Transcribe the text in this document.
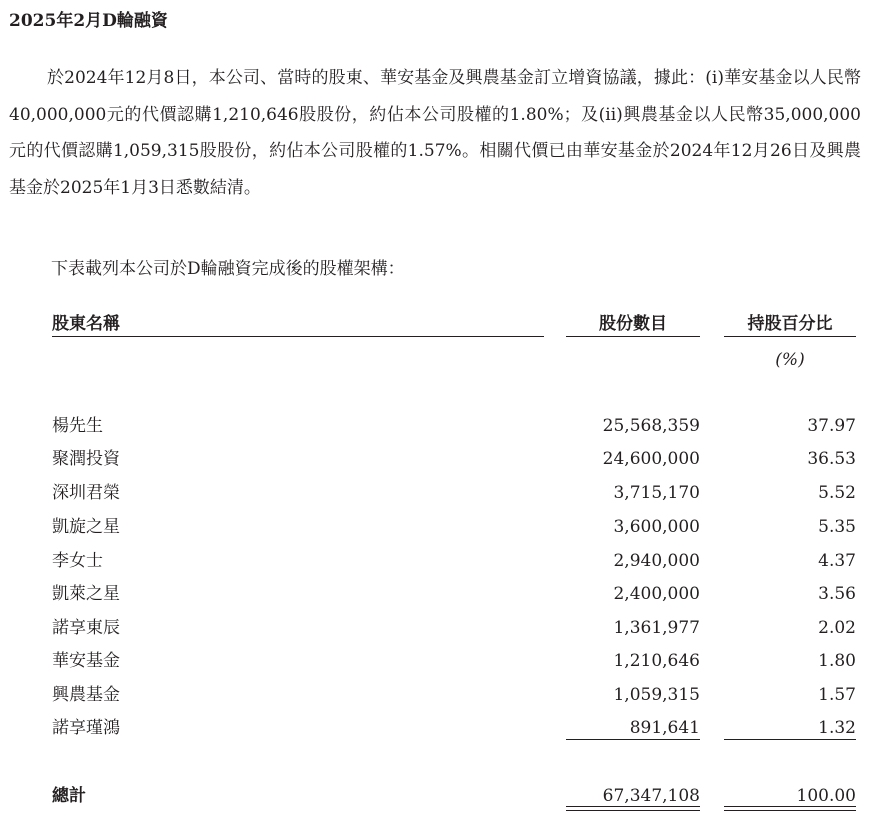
2025年2月D輪融資

於2024年12月8日，本公司、當時的股東、華安基金及興農基金訂立增資協議，據此：(i)華安基金以人民幣40,000,000元的代價認購1,210,646股股份，約佔本公司股權的1.80%；及(ii)興農基金以人民幣35,000,000元的代價認購1,059,315股股份，約佔本公司股權的1.57%。相關代價已由華安基金於2024年12月26日及興農基金於2025年1月3日悉數結清。

下表載列本公司於D輪融資完成後的股權架構：

股東名稱	股份數目	持股百分比
(%)
楊先生	25,568,359	37.97
聚潤投資	24,600,000	36.53
深圳君榮	3,715,170	5.52
凱旋之星	3,600,000	5.35
李女士	2,940,000	4.37
凱萊之星	2,400,000	3.56
諾享東辰	1,361,977	2.02
華安基金	1,210,646	1.80
興農基金	1,059,315	1.57
諾享瑾鴻	891,641	1.32
總計	67,347,108	100.00
